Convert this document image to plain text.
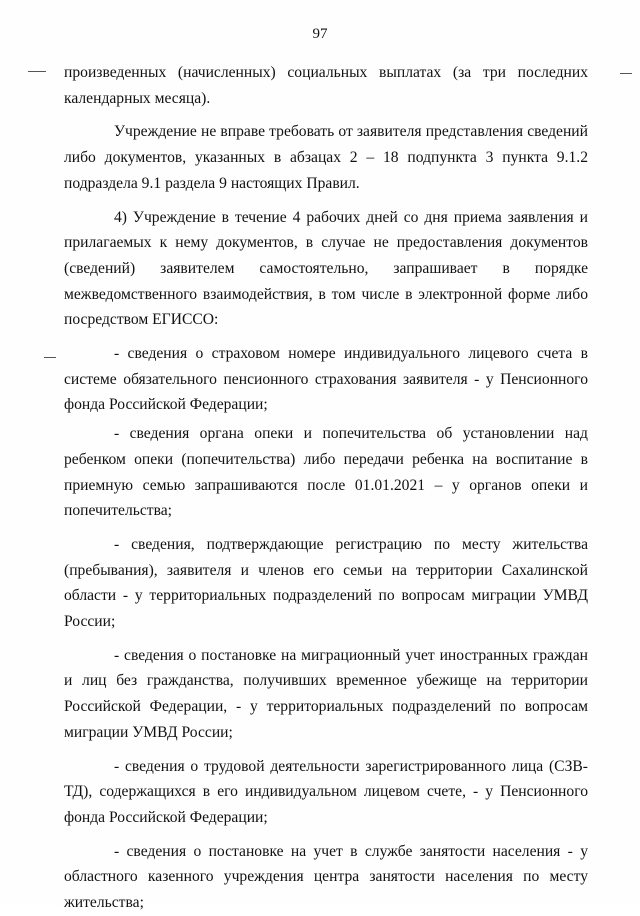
97

произведенных (начисленных) социальных выплатах (за три последних календарных месяца).

Учреждение не вправе требовать от заявителя представления сведений либо документов, указанных в абзацах 2 – 18 подпункта 3 пункта 9.1.2 подраздела 9.1 раздела 9 настоящих Правил.

4) Учреждение в течение 4 рабочих дней со дня приема заявления и прилагаемых к нему документов, в случае не предоставления документов (сведений) заявителем самостоятельно, запрашивает в порядке межведомственного взаимодействия, в том числе в электронной форме либо посредством ЕГИССО:

- сведения о страховом номере индивидуального лицевого счета в системе обязательного пенсионного страхования заявителя - у Пенсионного фонда Российской Федерации;

- сведения органа опеки и попечительства об установлении над ребенком опеки (попечительства) либо передачи ребенка на воспитание в приемную семью запрашиваются после 01.01.2021 – у органов опеки и попечительства;

- сведения, подтверждающие регистрацию по месту жительства (пребывания), заявителя и членов его семьи на территории Сахалинской области - у территориальных подразделений по вопросам миграции УМВД России;

- сведения о постановке на миграционный учет иностранных граждан и лиц без гражданства, получивших временное убежище на территории Российской Федерации, - у территориальных подразделений по вопросам миграции УМВД России;

- сведения о трудовой деятельности зарегистрированного лица (СЗВ-ТД), содержащихся в его индивидуальном лицевом счете, - у Пенсионного фонда Российской Федерации;

- сведения о постановке на учет в службе занятости населения - у областного казенного учреждения центра занятости населения по месту жительства;
